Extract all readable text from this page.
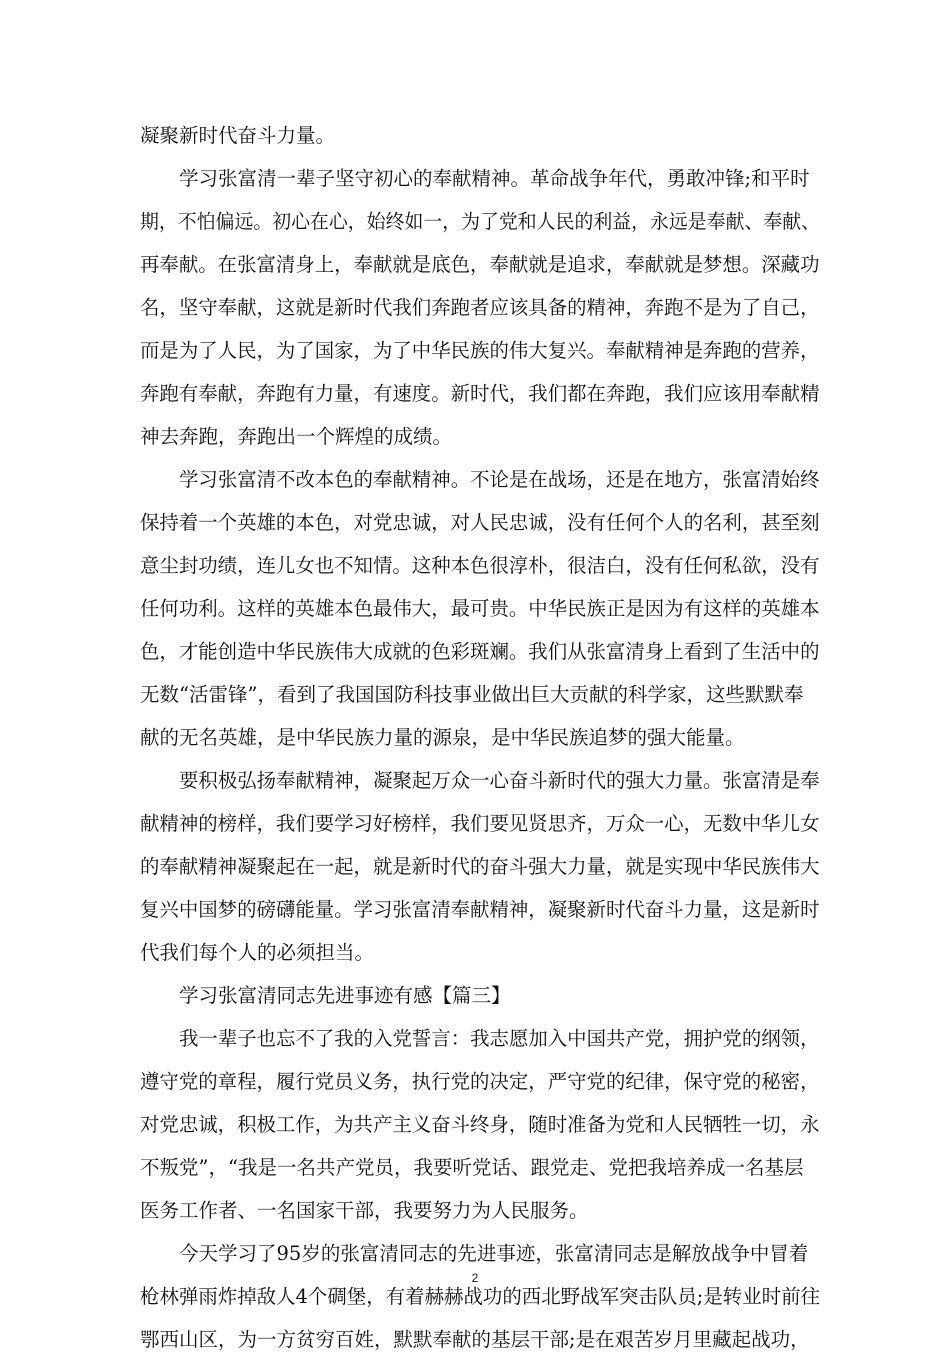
凝聚新时代奋斗力量。
学习张富清一辈子坚守初心的奉献精神。革命战争年代，勇敢冲锋;和平时
期，不怕偏远。初心在心，始终如一，为了党和人民的利益，永远是奉献、奉献、
再奉献。在张富清身上，奉献就是底色，奉献就是追求，奉献就是梦想。深藏功
名，坚守奉献，这就是新时代我们奔跑者应该具备的精神，奔跑不是为了自己，
而是为了人民，为了国家，为了中华民族的伟大复兴。奉献精神是奔跑的营养，
奔跑有奉献，奔跑有力量，有速度。新时代，我们都在奔跑，我们应该用奉献精
神去奔跑，奔跑出一个辉煌的成绩。
学习张富清不改本色的奉献精神。不论是在战场，还是在地方，张富清始终
保持着一个英雄的本色，对党忠诚，对人民忠诚，没有任何个人的名利，甚至刻
意尘封功绩，连儿女也不知情。这种本色很淳朴，很洁白，没有任何私欲，没有
任何功利。这样的英雄本色最伟大，最可贵。中华民族正是因为有这样的英雄本
色，才能创造中华民族伟大成就的色彩斑斓。我们从张富清身上看到了生活中的
无数“活雷锋”，看到了我国国防科技事业做出巨大贡献的科学家，这些默默奉
献的无名英雄，是中华民族力量的源泉，是中华民族追梦的强大能量。
要积极弘扬奉献精神，凝聚起万众一心奋斗新时代的强大力量。张富清是奉
献精神的榜样，我们要学习好榜样，我们要见贤思齐，万众一心，无数中华儿女
的奉献精神凝聚起在一起，就是新时代的奋斗强大力量，就是实现中华民族伟大
复兴中国梦的磅礴能量。学习张富清奉献精神，凝聚新时代奋斗力量，这是新时
代我们每个人的必须担当。
学习张富清同志先进事迹有感【篇三】
我一辈子也忘不了我的入党誓言：我志愿加入中国共产党，拥护党的纲领，
遵守党的章程，履行党员义务，执行党的决定，严守党的纪律，保守党的秘密，
对党忠诚，积极工作，为共产主义奋斗终身，随时准备为党和人民牺牲一切，永
不叛党”，“我是一名共产党员，我要听党话、跟党走、党把我培养成一名基层
医务工作者、一名国家干部，我要努力为人民服务。
今天学习了95岁的张富清同志的先进事迹，张富清同志是解放战争中冒着
枪林弹雨炸掉敌人4个碉堡，有着赫赫战功的西北野战军突击队员;是转业时前往
鄂西山区，为一方贫穷百姓，默默奉献的基层干部;是在艰苦岁月里藏起战功，
2
